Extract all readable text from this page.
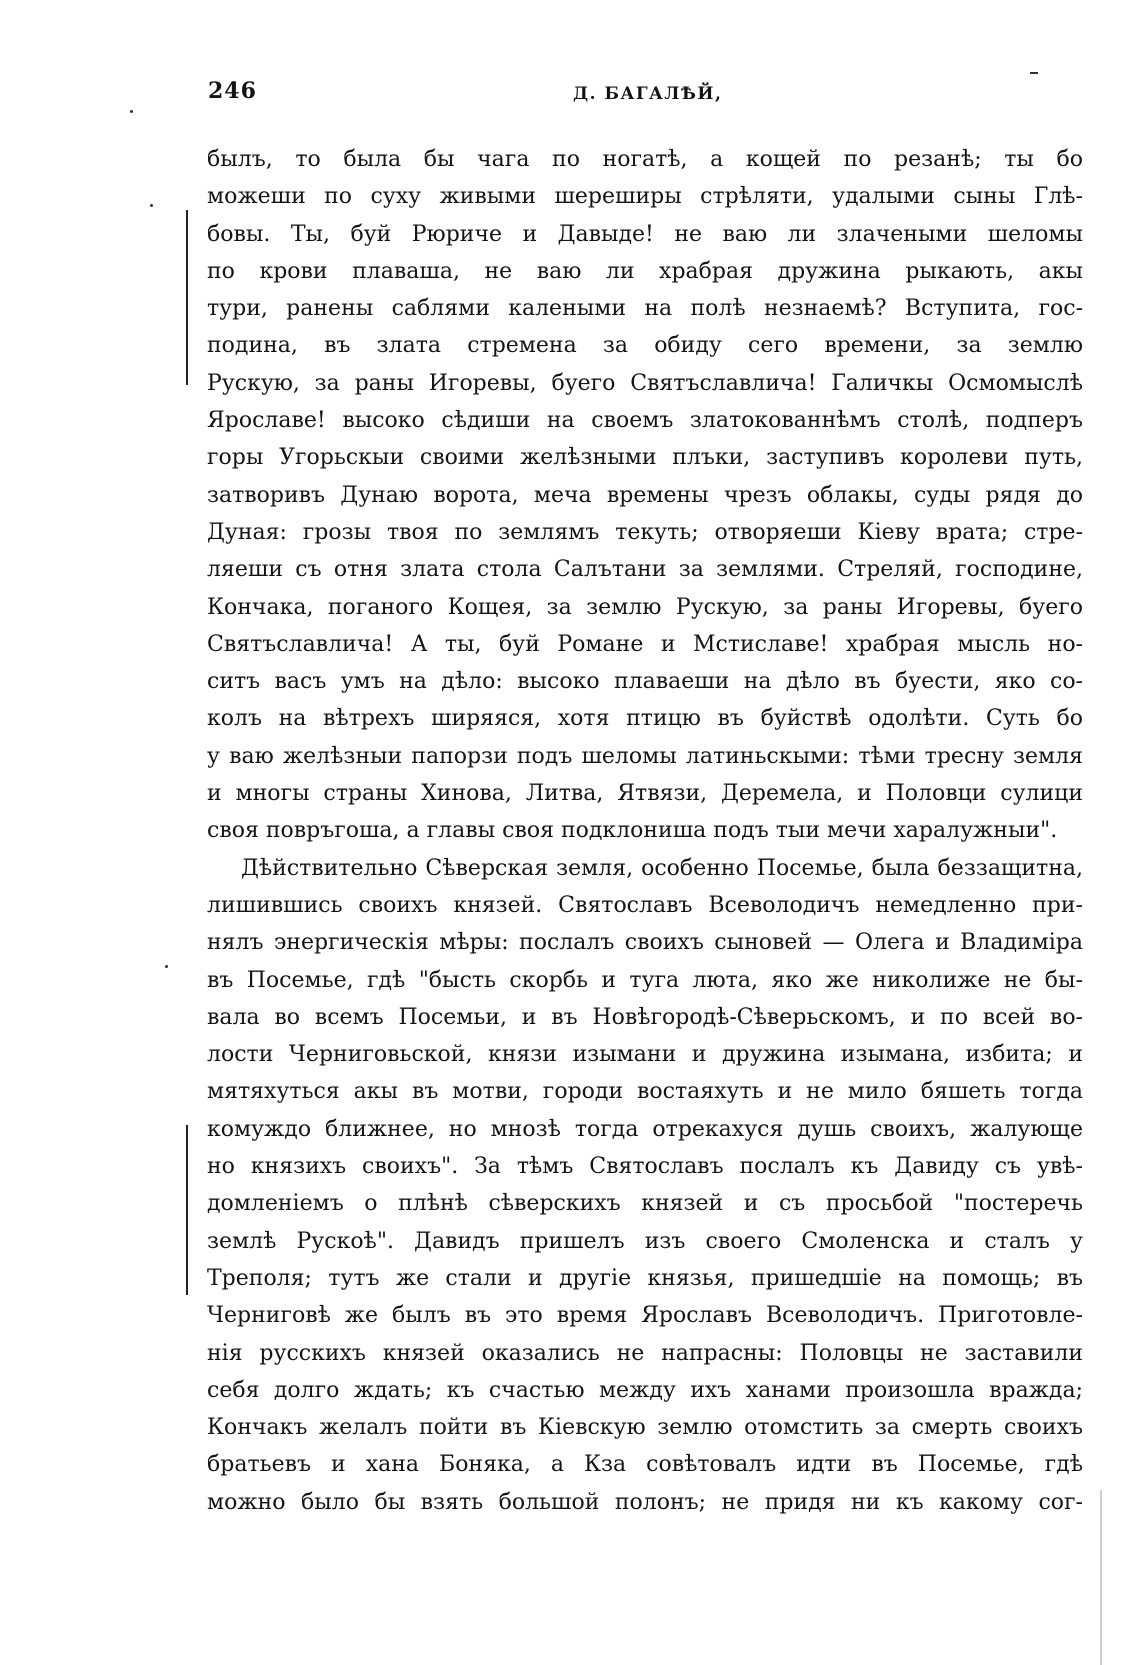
246	Д. БАГАЛѢЙ,
былъ, то была бы чага по ногатѣ, а кощей по резанѣ; ты бо
можеши по суху живыми шереширы стрѣляти, удалыми сыны Глѣ-
бовы. Ты, буй Рюриче и Давыде! не ваю ли злачеными шеломы
по крови плаваша, не ваю ли храбрая дружина рыкають, акы
тури, ранены саблями калеными на полѣ незнаемѣ? Вступита, гос-
подина, въ злата стремена за обиду сего времени, за землю
Рускую, за раны Игоревы, буего Святъславлича! Галичкы Осмомыслѣ
Ярославе! высоко сѣдиши на своемъ златокованнѣмъ столѣ, подперъ
горы Угорьскыи своими желѣзными плъки, заступивъ королеви путь,
затворивъ Дунаю ворота, меча времены чрезъ облакы, суды рядя до
Дуная: грозы твоя по землямъ текуть; отворяеши Кіеву врата; стре-
ляеши съ отня злата стола Салътани за землями. Стреляй, господине,
Кончака, поганого Кощея, за землю Рускую, за раны Игоревы, буего
Святъславлича! А ты, буй Романе и Мстиславе! храбрая мысль но-
ситъ васъ умъ на дѣло: высоко плаваеши на дѣло въ буести, яко со-
колъ на вѣтрехъ ширяяся, хотя птицю въ буйствѣ одолѣти. Суть бо
у ваю желѣзныи папорзи подъ шеломы латиньскыми: тѣми тресну земля
и многы страны Хинова, Литва, Ятвязи, Деремела, и Половци сулици
своя повръгоша, а главы своя подклониша подъ тыи мечи харалужныи".
Дѣйствительно Сѣверская земля, особенно Посемье, была беззащитна,
лишившись своихъ князей. Святославъ Всеволодичъ немедленно при-
нялъ энергическія мѣры: послалъ своихъ сыновей — Олега и Владиміра
въ Посемье, гдѣ "бысть скорбь и туга люта, яко же николиже не бы-
вала во всемъ Посемьи, и въ Новѣгородѣ-Сѣверьскомъ, и по всей во-
лости Черниговьской, князи изымани и дружина изымана, избита; и
мятяхуться акы въ мотви, городи востаяхуть и не мило бяшеть тогда
комуждо ближнее, но мнозѣ тогда отрекахуся душь своихъ, жалующе
но князихъ своихъ". За тѣмъ Святославъ послалъ къ Давиду съ увѣ-
домленіемъ о плѣнѣ сѣверскихъ князей и съ просьбой "постеречь
землѣ Рускоѣ". Давидъ пришелъ изъ своего Смоленска и сталъ у
Треполя; тутъ же стали и другіе князья, пришедшіе на помощь; въ
Черниговѣ же былъ въ это время Ярославъ Всеволодичъ. Приготовле-
нія русскихъ князей оказались не напрасны: Половцы не заставили
себя долго ждать; къ счастью между ихъ ханами произошла вражда;
Кончакъ желалъ пойти въ Кіевскую землю отомстить за смерть своихъ
братьевъ и хана Боняка, а Кза совѣтовалъ идти въ Посемье, гдѣ
можно было бы взять большой полонъ; не придя ни къ какому сог-
